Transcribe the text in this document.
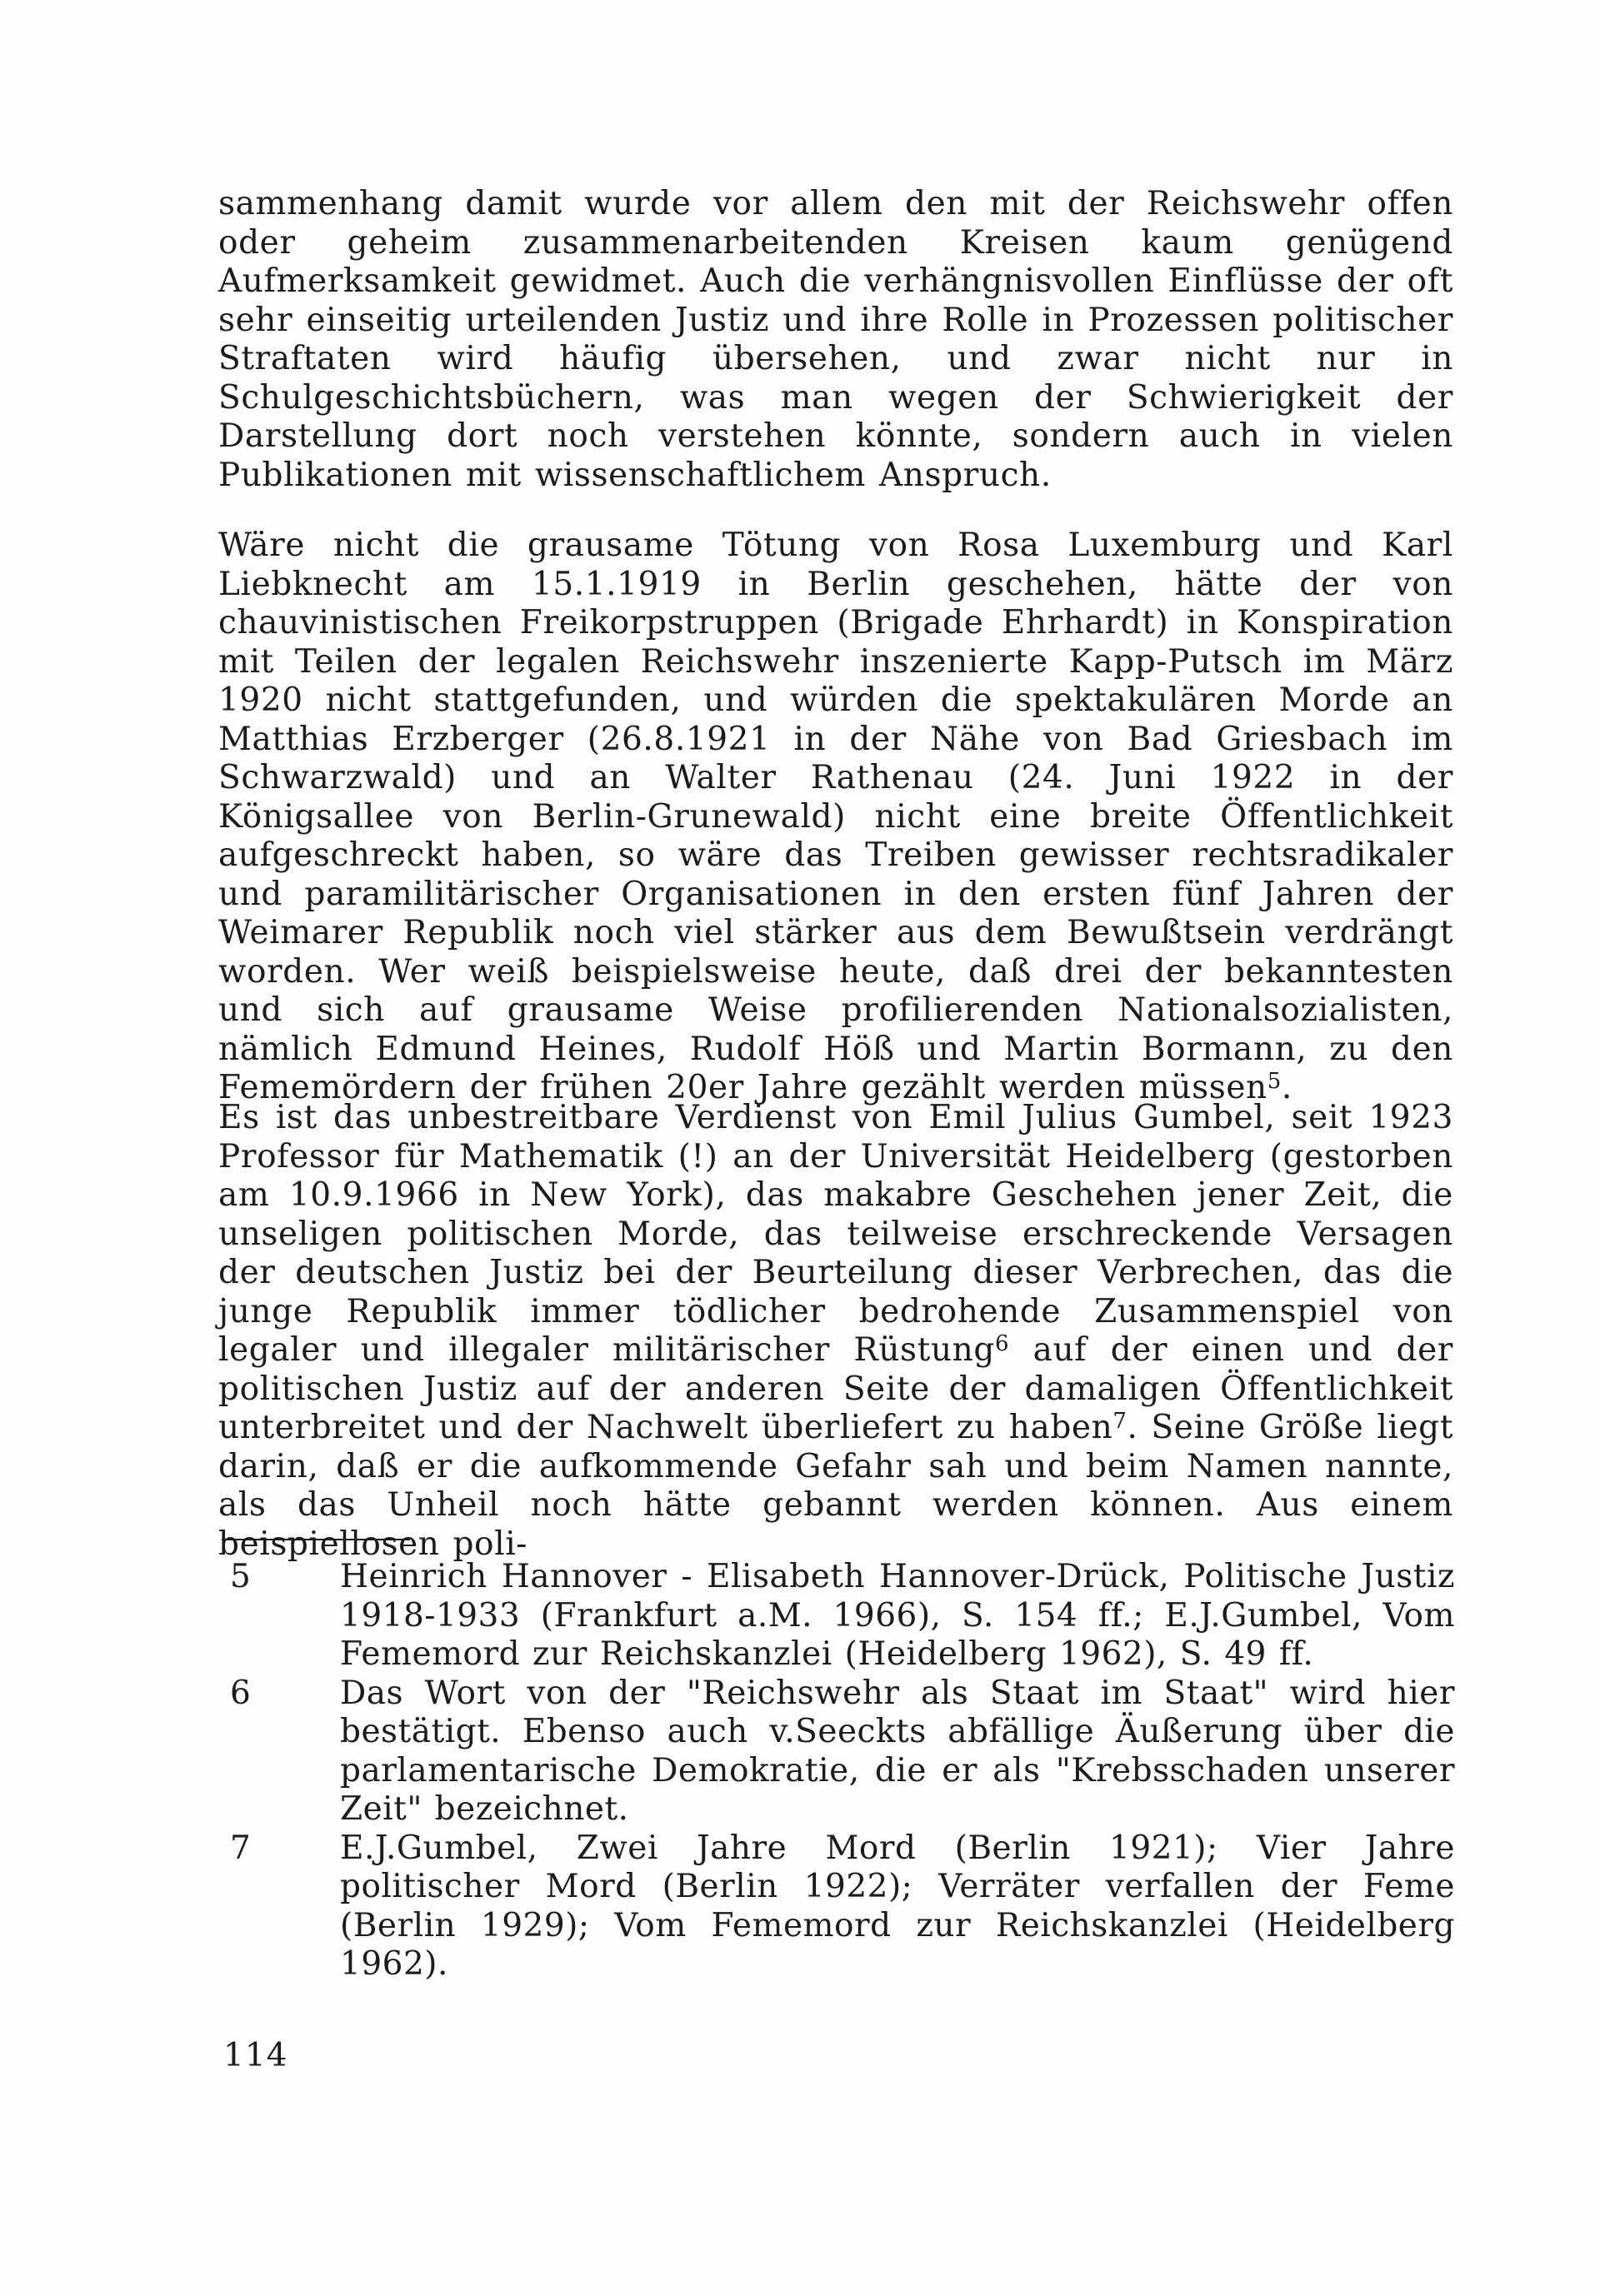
sammenhang damit wurde vor allem den mit der Reichswehr offen oder geheim zusammenarbeitenden Kreisen kaum genügend Aufmerksamkeit gewidmet. Auch die verhängnisvollen Einflüsse der oft sehr einseitig urteilenden Justiz und ihre Rolle in Prozessen politischer Straftaten wird häufig übersehen, und zwar nicht nur in Schulgeschichtsbüchern, was man wegen der Schwierigkeit der Darstellung dort noch verstehen könnte, sondern auch in vielen Publikationen mit wissenschaftlichem Anspruch.

Wäre nicht die grausame Tötung von Rosa Luxemburg und Karl Liebknecht am 15.1.1919 in Berlin geschehen, hätte der von chauvinistischen Freikorpstruppen (Brigade Ehrhardt) in Konspiration mit Teilen der legalen Reichswehr inszenierte Kapp-Putsch im März 1920 nicht stattgefunden, und würden die spektakulären Morde an Matthias Erzberger (26.8.1921 in der Nähe von Bad Griesbach im Schwarzwald) und an Walter Rathenau (24. Juni 1922 in der Königsallee von Berlin-Grunewald) nicht eine breite Öffentlichkeit aufgeschreckt haben, so wäre das Treiben gewisser rechtsradikaler und paramilitärischer Organisationen in den ersten fünf Jahren der Weimarer Republik noch viel stärker aus dem Bewußtsein verdrängt worden. Wer weiß beispielsweise heute, daß drei der bekanntesten und sich auf grausame Weise profilierenden Nationalsozialisten, nämlich Edmund Heines, Rudolf Höß und Martin Bormann, zu den Fememördern der frühen 20er Jahre gezählt werden müssen$^5$.

Es ist das unbestreitbare Verdienst von Emil Julius Gumbel, seit 1923 Professor für Mathematik (!) an der Universität Heidelberg (gestorben am 10.9.1966 in New York), das makabre Geschehen jener Zeit, die unseligen politischen Morde, das teilweise erschreckende Versagen der deutschen Justiz bei der Beurteilung dieser Verbrechen, das die junge Republik immer tödlicher bedrohende Zusammenspiel von legaler und illegaler militärischer Rüstung$^6$ auf der einen und der politischen Justiz auf der anderen Seite der damaligen Öffentlichkeit unterbreitet und der Nachwelt überliefert zu haben$^7$. Seine Größe liegt darin, daß er die aufkommende Gefahr sah und beim Namen nannte, als das Unheil noch hätte gebannt werden können. Aus einem beispiellosen poli-

5	Heinrich Hannover - Elisabeth Hannover-Drück, Politische Justiz 1918-1933 (Frankfurt a.M. 1966), S. 154 ff.; E.J.Gumbel, Vom Fememord zur Reichskanzlei (Heidelberg 1962), S. 49 ff.
6	Das Wort von der "Reichswehr als Staat im Staat" wird hier bestätigt. Ebenso auch v.Seeckts abfällige Äußerung über die parlamentarische Demokratie, die er als "Krebsschaden unserer Zeit" bezeichnet.
7	E.J.Gumbel, Zwei Jahre Mord (Berlin 1921); Vier Jahre politischer Mord (Berlin 1922); Verräter verfallen der Feme (Berlin 1929); Vom Fememord zur Reichskanzlei (Heidelberg 1962).
114
